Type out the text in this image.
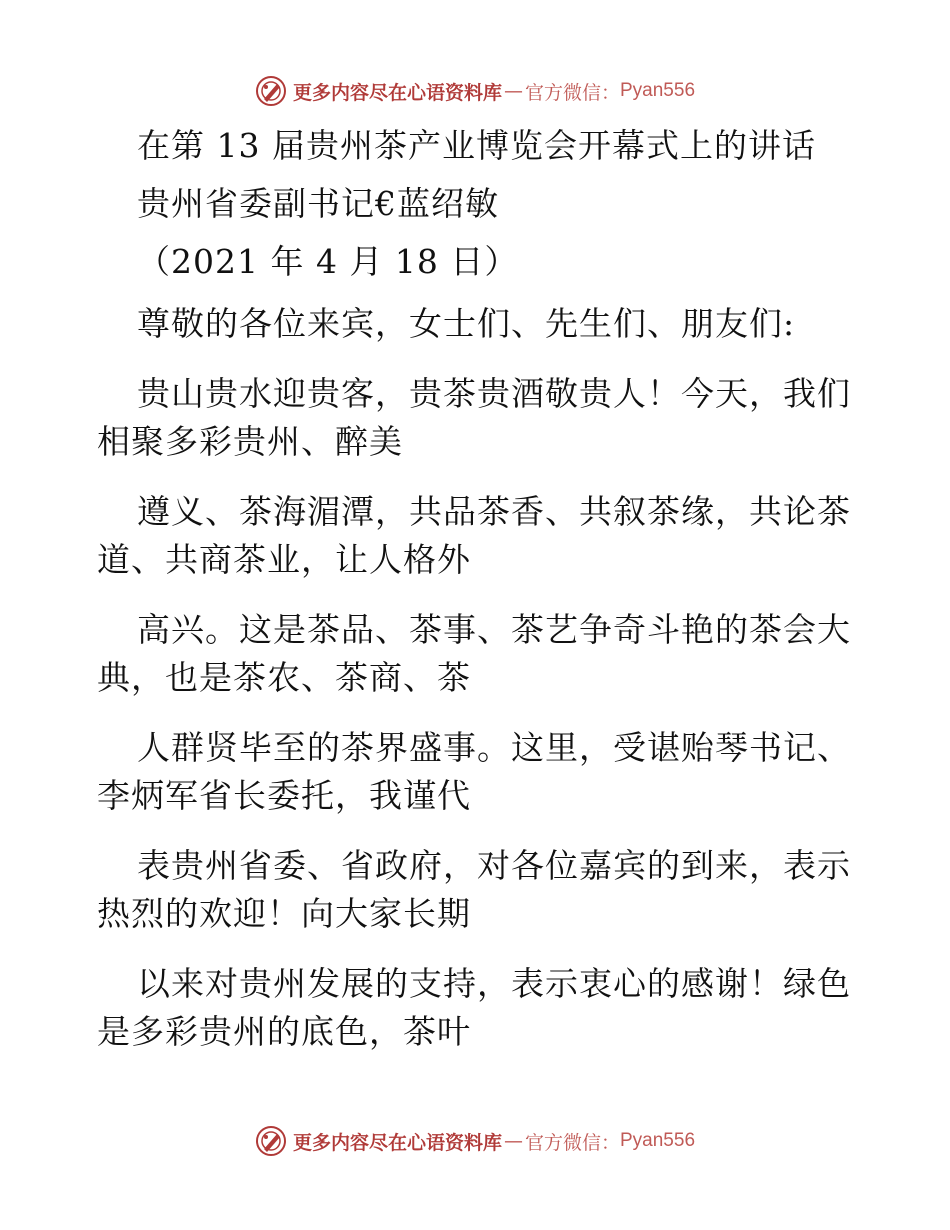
更多内容尽在心语资料库 — 官方微信： Pyan556
在第 13 届贵州茶产业博览会开幕式上的讲话
贵州省委副书记€蓝绍敏
（2021 年 4 月 18 日）
尊敬的各位来宾，女士们、先生们、朋友们:
贵山贵水迎贵客，贵茶贵酒敬贵人！今天，我们
相聚多彩贵州、醉美
遵义、茶海湄潭，共品茶香、共叙茶缘，共论茶
道、共商茶业，让人格外
高兴。这是茶品、茶事、茶艺争奇斗艳的茶会大
典，也是茶农、茶商、茶
人群贤毕至的茶界盛事。这里，受谌贻琴书记、
李炳军省长委托，我谨代
表贵州省委、省政府，对各位嘉宾的到来，表示
热烈的欢迎！向大家长期
以来对贵州发展的支持，表示衷心的感谢！绿色
是多彩贵州的底色，茶叶
更多内容尽在心语资料库 — 官方微信： Pyan556
